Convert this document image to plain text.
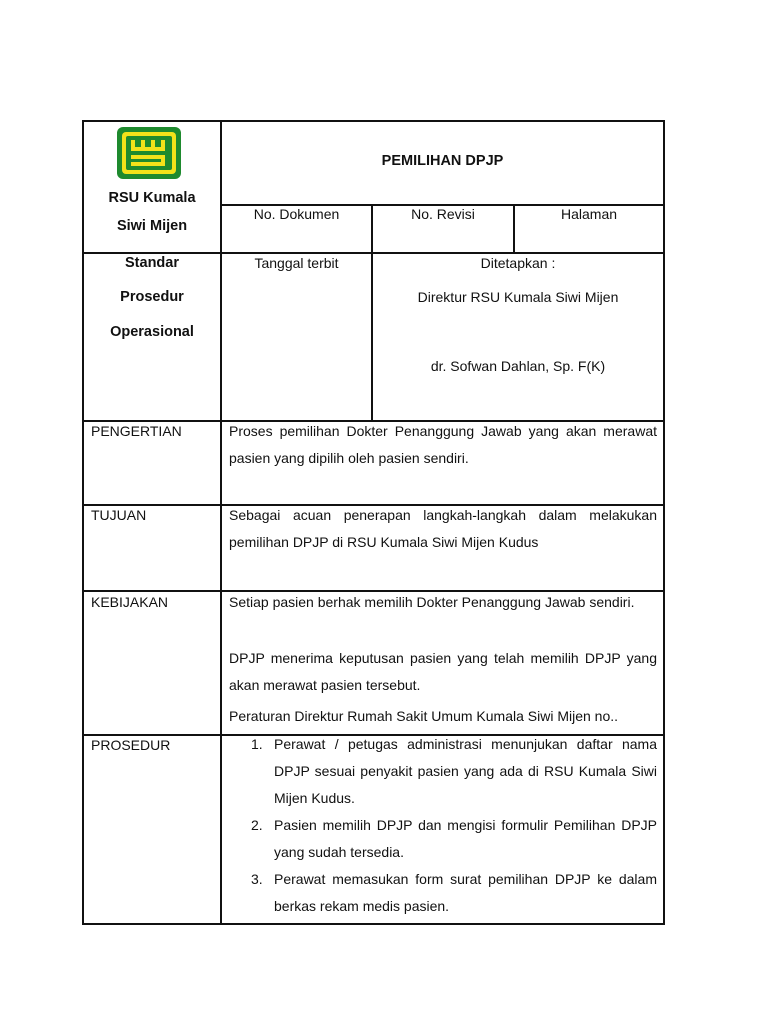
RSU Kumala
Siwi Mijen
PEMILIHAN DPJP
No. Dokumen	No. Revisi	Halaman
Standar
Prosedur
Operasional
Tanggal terbit	Ditetapkan :
Direktur RSU Kumala Siwi Mijen
dr. Sofwan Dahlan, Sp. F(K)
PENGERTIAN	Proses pemilihan Dokter Penanggung Jawab yang akan merawat pasien yang dipilih oleh pasien sendiri.
TUJUAN	Sebagai acuan penerapan langkah-langkah dalam melakukan pemilihan DPJP di RSU Kumala Siwi Mijen Kudus
KEBIJAKAN	Setiap pasien berhak memilih Dokter Penanggung Jawab sendiri.
DPJP menerima keputusan pasien yang telah memilih DPJP yang akan merawat pasien tersebut.
Peraturan Direktur Rumah Sakit Umum Kumala Siwi Mijen no..
PROSEDUR	1. Perawat / petugas administrasi menunjukan daftar nama DPJP sesuai penyakit pasien yang ada di RSU Kumala Siwi Mijen Kudus.
2. Pasien memilih DPJP dan mengisi formulir Pemilihan DPJP yang sudah tersedia.
3. Perawat memasukan form surat pemilihan DPJP ke dalam berkas rekam medis pasien.
